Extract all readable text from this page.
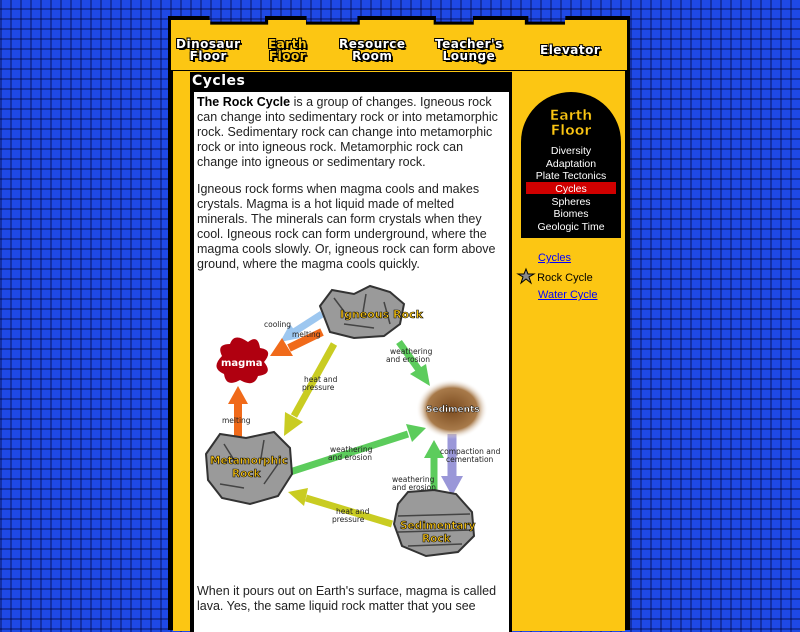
Dinosaur
Floor
Earth
Floor
Resource
Room
Teacher's
Lounge	Elevator
Cycles

The Rock Cycle is a group of changes. Igneous rock can change into sedimentary rock or into metamorphic rock. Sedimentary rock can change into metamorphic rock or into igneous rock. Metamorphic rock can change into igneous or sedimentary rock.

Igneous rock forms when magma cools and makes crystals. Magma is a hot liquid made of melted minerals. The minerals can form crystals when they cool. Igneous rock can form underground, where the magma cools slowly. Or, igneous rock can form above ground, where the magma cools quickly.

Igneous Rock
magma
Sediments
Metamorphic
Rock
Sedimentary
Rock
cooling
melting
weathering
and erosion
heat and
pressure
melting
weathering
and erosion
compaction and
cementation
weathering
and erosion
heat and
pressure

When it pours out on Earth's surface, magma is called lava. Yes, the same liquid rock matter that you see

Earth
Floor
Diversity
Adaptation
Plate Tectonics
Cycles
Spheres
Biomes
Geologic Time
Cycles
Rock Cycle
Water Cycle
